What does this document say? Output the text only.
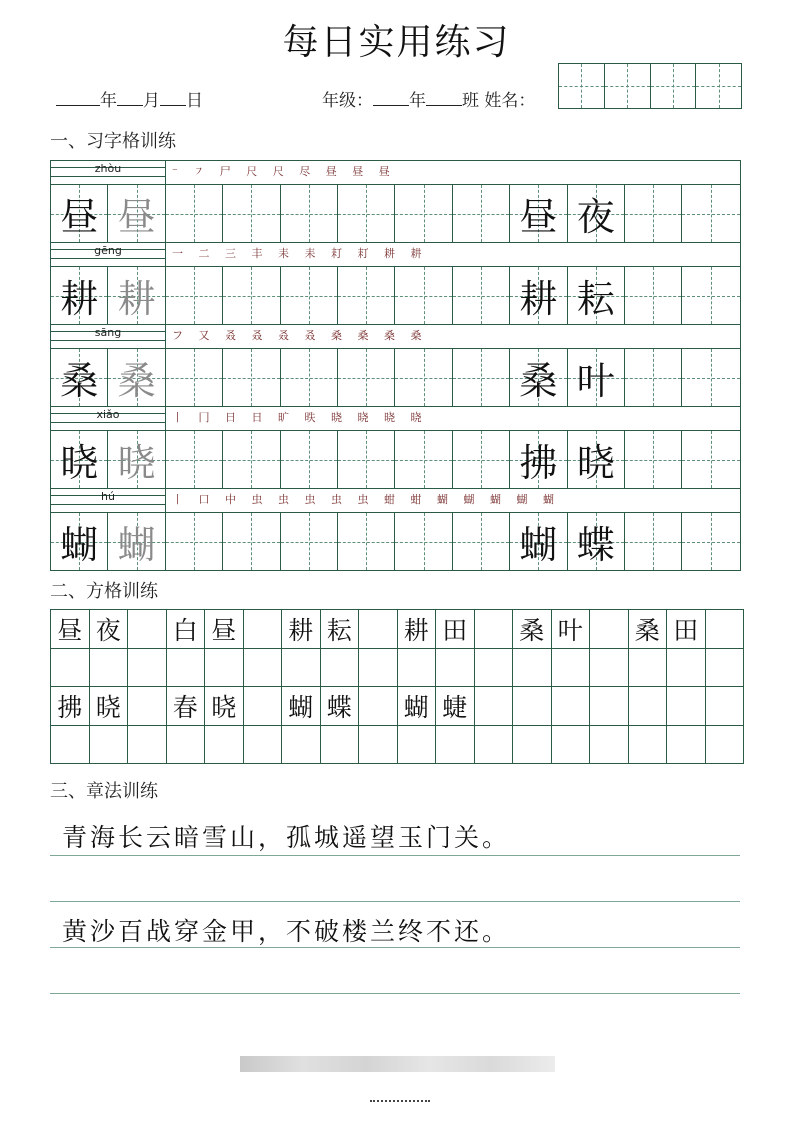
每日实用练习
年 月 日	年级： 年 班 姓名：
一、习字格训练
zhòu	⁻ ㇇ 尸 尺 尺 尽 昼 昼 昼
昼 昼	昼 夜
gēng	一 二 三 丰 耒 耒 耓 耓 耕 耕
耕 耕	耕 耘
sāng	フ 又 叒 叒 叒 叒 桑 桑 桑 桑
桑 桑	桑 叶
xiǎo	丨 冂 日 日 旷 昳 晓 晓 晓 晓
晓 晓	拂 晓
hú	丨 口 中 虫 虫 虫 虫 虫 蚶 蚶 蝴 蝴 蝴 蝴 蝴
蝴 蝴	蝴 蝶
二、方格训练
昼 夜 白 昼 耕 耘 耕 田 桑 叶 桑 田
拂 晓 春 晓 蝴 蝶 蝴 蜨
三、章法训练
青海长云暗雪山，孤城遥望玉门关。
黄沙百战穿金甲，不破楼兰终不还。
